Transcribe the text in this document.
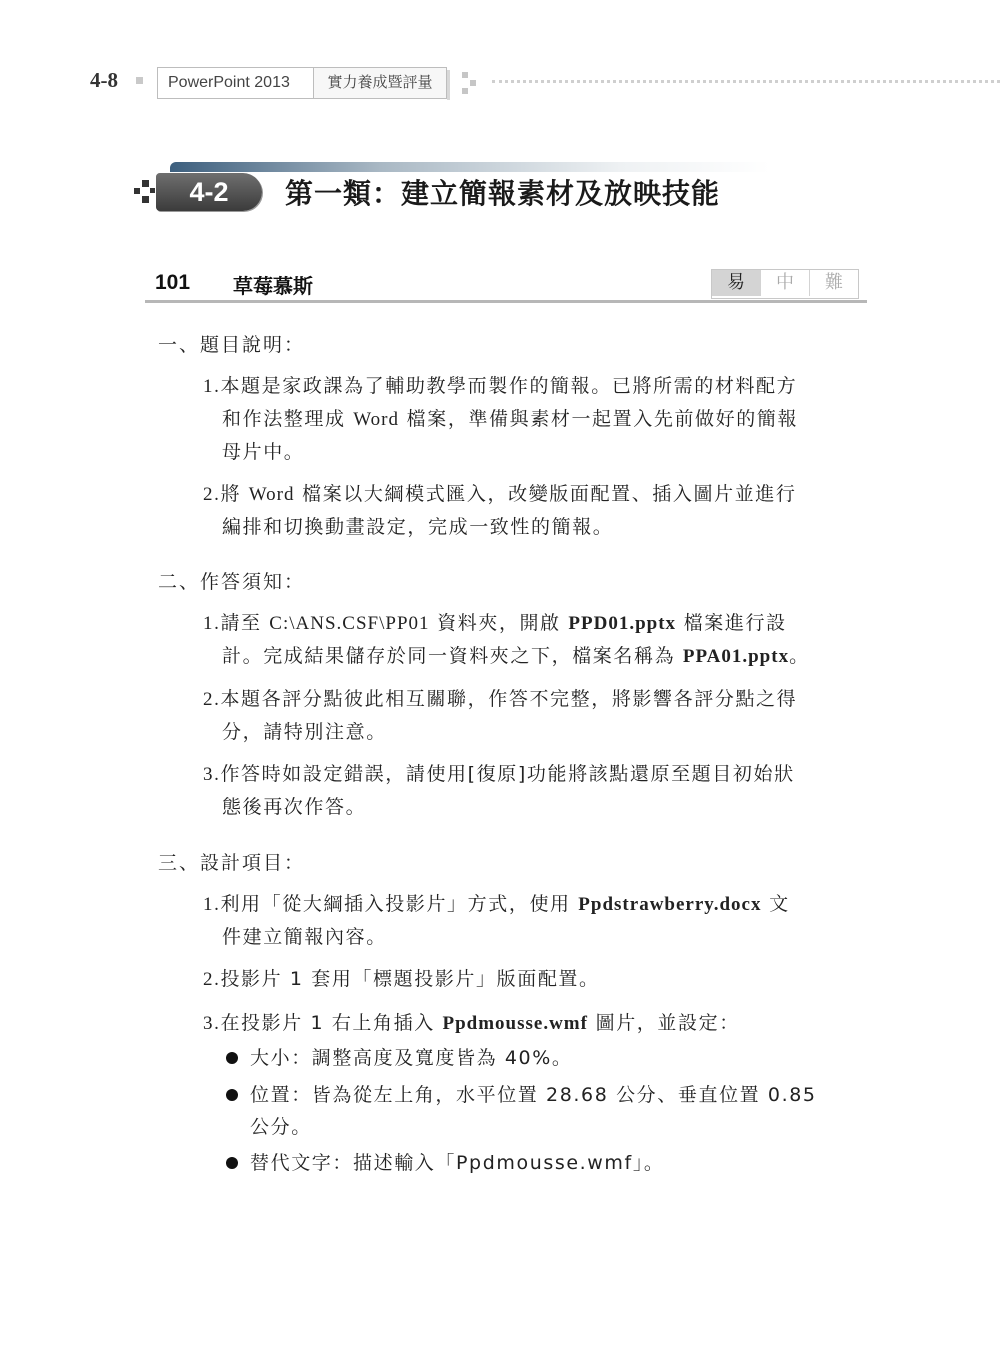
4-8	PowerPoint 2013	實力養成暨評量
4-2	第一類：建立簡報素材及放映技能
101 草莓慕斯	易	中	難
一、題目說明：

1.本題是家政課為了輔助教學而製作的簡報。已將所需的材料配方

和作法整理成 Word 檔案，準備與素材一起置入先前做好的簡報

母片中。

2.將 Word 檔案以大綱模式匯入，改變版面配置、插入圖片並進行

編排和切換動畫設定，完成一致性的簡報。

二、作答須知：

1.請至 C:\ANS.CSF\PP01 資料夾，開啟 PPD01.pptx 檔案進行設

計。完成結果儲存於同一資料夾之下，檔案名稱為 PPA01.pptx。

2.本題各評分點彼此相互關聯，作答不完整，將影響各評分點之得

分，請特別注意。

3.作答時如設定錯誤，請使用[復原]功能將該點還原至題目初始狀

態後再次作答。

三、設計項目：

1.利用「從大綱插入投影片」方式，使用 Ppdstrawberry.docx 文

件建立簡報內容。

2.投影片 1 套用「標題投影片」版面配置。

3.在投影片 1 右上角插入 Ppdmousse.wmf 圖片，並設定：

大小：調整高度及寬度皆為 40%。
位置：皆為從左上角，水平位置 28.68 公分、垂直位置 0.85
公分。
替代文字：描述輸入「Ppdmousse.wmf」。
